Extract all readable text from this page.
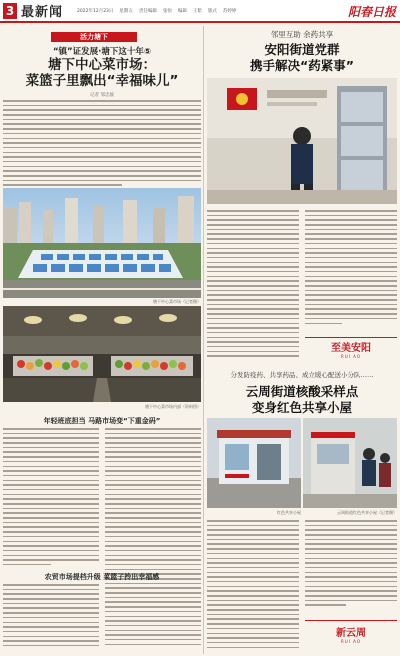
3 最新闻	2022年12月23日 星期五 责任编辑 张恒 编辑 王紫 版式 苏婷婷	阳春日报
活力塘下
“镇”证发展·塘下这十年⑤
塘下中心菜市场：
菜篮子里飘出“幸福味儿”
记者 邹忠骏
塘下中心菜市场（记者摄）
塘下中心菜市场内部（资料图）
年轻班底担当 马路市场变“下重金码”
农贸市场提档升级 菜篮子拎出幸福感
邻里互助 余药共享
安阳街道党群
携手解决“药紧事”
至美安阳
RUI AO
分发防疫药、共享药品、成立暖心配送小分队……
云周街道核酸采样点
变身红色共享小屋
红色共享小屋	云周街道红色共享小屋（记者摄）
新云周
RUI AO
